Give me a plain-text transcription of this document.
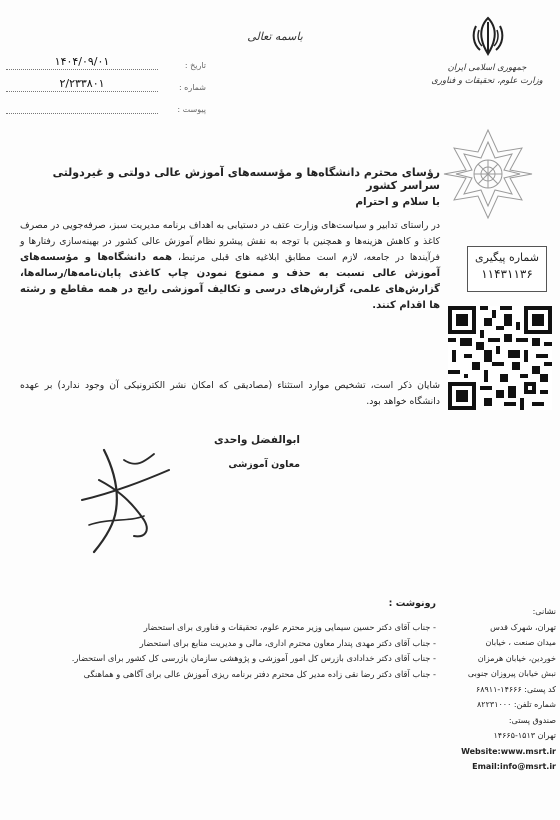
باسمه تعالی
تاریخ :
۱۴۰۴/۰۹/۰۱
شماره :
۲/۲۳۳۸۰۱
پیوست :
جمهوری اسلامی ایران
وزارت علوم، تحقیقات و فناوری
شماره پیگیری
۱۱۴۳۱۱۳۶
رؤسای محترم دانشگاه‌ها و مؤسسه‌های آموزش عالی دولتی و غیردولتی سراسر کشور
با سلام و احترام
در راستای تدابیر و سیاست‌های وزارت عتف در دستیابی به اهداف برنامه مدیریت سبز، صرفه‌جویی در مصرف کاغذ و کاهش هزینه‌ها و همچنین با توجه به نقش پیشرو نظام آموزش عالی کشور در بهینه‌سازی رفتارها و فرآیندها در جامعه، لازم است مطابق ابلاغیه های قبلی مرتبط، همه دانشگاه‌ها و مؤسسه‌های آموزش عالی نسبت به حذف و ممنوع نمودن چاپ کاغذی پایان‌نامه‌ها/رساله‌ها، گزارش‌های علمی، گزارش‌های درسی و تکالیف آموزشی رایج در همه مقاطع و رشته ها اقدام کنند.
شایان ذکر است، تشخیص موارد استثناء (مصادیقی که امکان نشر الکترونیکی آن وجود ندارد) بر عهده دانشگاه خواهد بود.
ابوالفضل واحدی
معاون آموزشی
رونوشت :
- جناب آقای دکتر حسین سیمایی وزیر محترم علوم، تحقیقات و فناوری برای استحضار
- جناب آقای دکتر مهدی پندار معاون محترم اداری، مالی و مدیریت منابع برای استحضار
- جناب آقای دکتر خدادادی بازرس کل امور آموزشی و پژوهشی سازمان بازرسی کل کشور برای استحضار.
- جناب آقای دکتر رضا نقی زاده مدیر کل محترم دفتر برنامه ریزی آموزش عالی برای آگاهی و هماهنگی
نشانی:
تهران، شهرک قدس
میدان صنعت ، خیابان
خوردین، خیابان هرمزان
نبش خیابان پیروزان جنوبی
کد پستی: ۱۴۶۶۶-۶۸۹۱۱
شماره تلفن: ۸۲۲۳۱۰۰۰
صندوق پستی:
تهران ۱۵۱۳-۱۴۶۶۵
Website:www.msrt.ir
Email:info@msrt.ir
